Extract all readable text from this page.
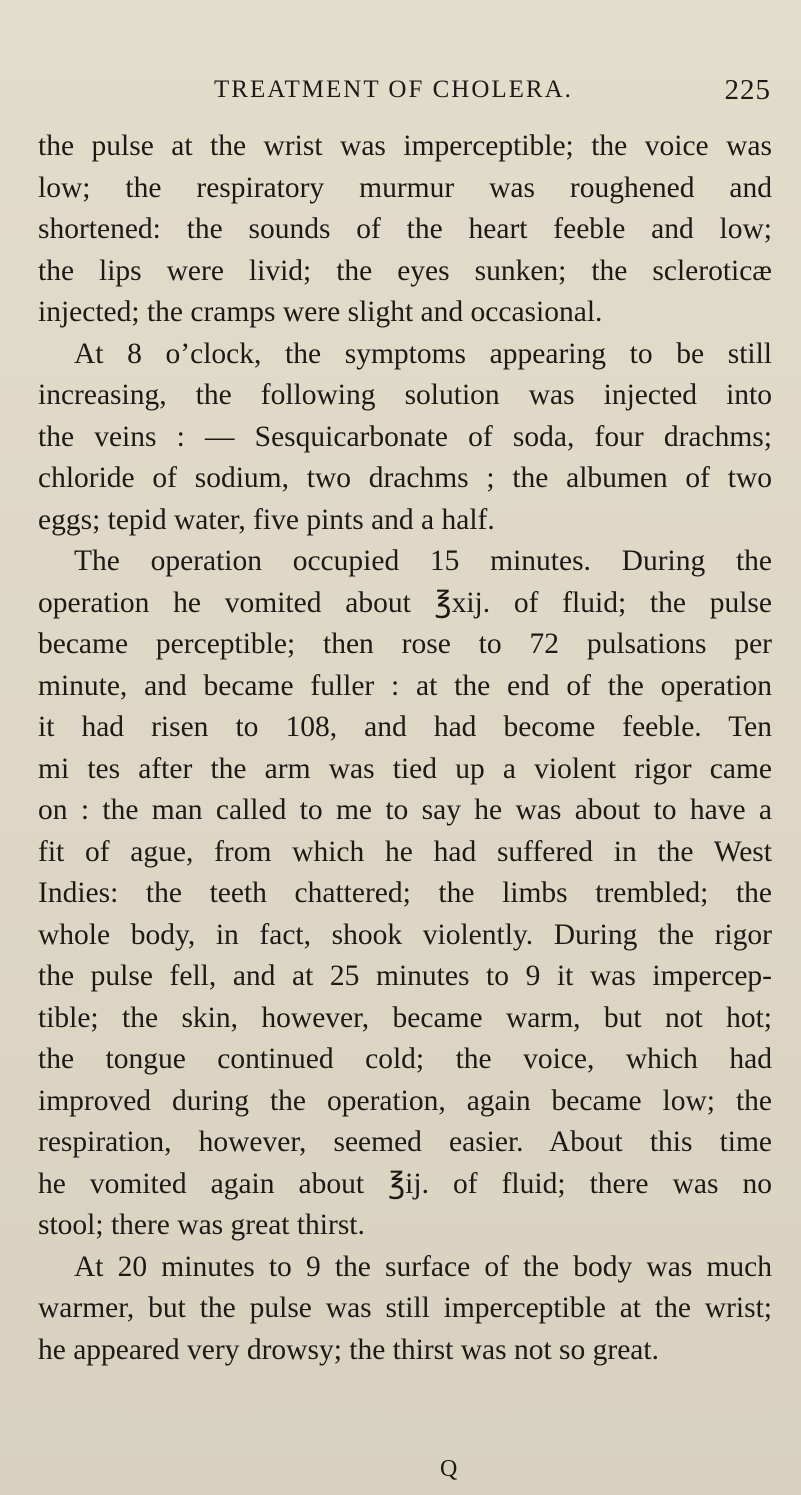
TREATMENT OF CHOLERA.	225
the pulse at the wrist was imperceptible; the voice was
low; the respiratory murmur was roughened and
shortened: the sounds of the heart feeble and low;
the lips were livid; the eyes sunken; the scleroticæ
injected; the cramps were slight and occasional.
At 8 o’clock, the symptoms appearing to be still
increasing, the following solution was injected into
the veins : — Sesquicarbonate of soda, four drachms;
chloride of sodium, two drachms ; the albumen of two
eggs; tepid water, five pints and a half.
The operation occupied 15 minutes. During the
operation he vomited about ℥xij. of fluid; the pulse
became perceptible; then rose to 72 pulsations per
minute, and became fuller : at the end of the operation
it had risen to 108, and had become feeble. Ten
mi tes after the arm was tied up a violent rigor came
on : the man called to me to say he was about to have a
fit of ague, from which he had suffered in the West
Indies: the teeth chattered; the limbs trembled; the
whole body, in fact, shook violently. During the rigor
the pulse fell, and at 25 minutes to 9 it was impercep-
tible; the skin, however, became warm, but not hot;
the tongue continued cold; the voice, which had
improved during the operation, again became low; the
respiration, however, seemed easier. About this time
he vomited again about ℥ij. of fluid; there was no
stool; there was great thirst.
At 20 minutes to 9 the surface of the body was much
warmer, but the pulse was still imperceptible at the wrist;
he appeared very drowsy; the thirst was not so great.
Q
